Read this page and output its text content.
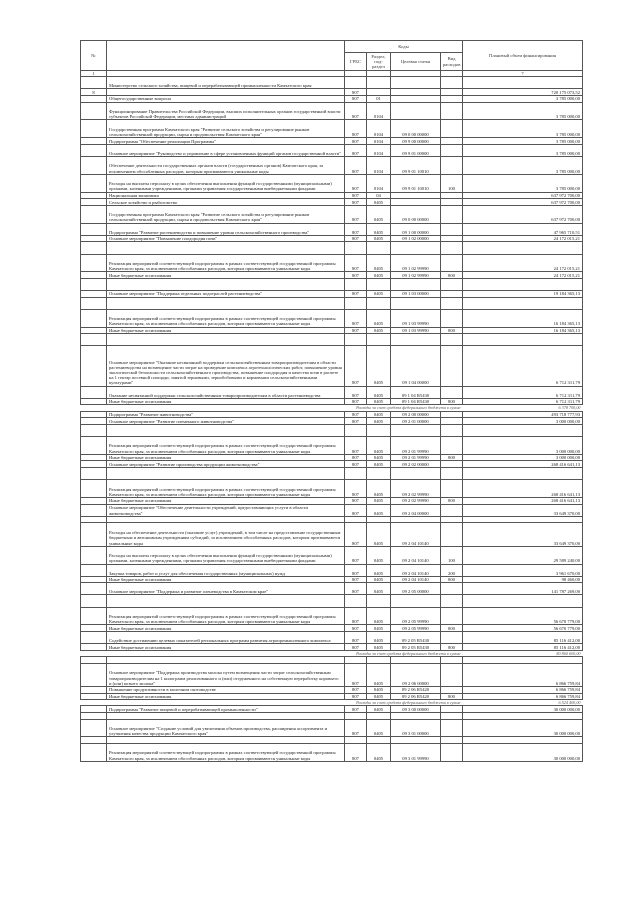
№		Коды				Плановый объем финансирования
		ГРБС	Раздел, под-раздел	Целевая статья	Вид расходов	
1						7
	Министерство сельского хозяйства, пищевой и перерабатывающей промышленности Камчатского края					
8		807				720 175 073,52
	Общегосударственные вопросы	807	01			3 785 000,00
	Функционирование Правительства Российской Федерации, высших исполнительных органов государственной власти субъектов Российской Федерации, местных администраций	807	0104			3 785 000,00
	Государственная программа Камчатского края "Развитие сельского хозяйства и регулирование рынков сельскохозяйственной продукции, сырья и продовольствия Камчатского края"	807	0104	09 0 00 00000		3 785 000,00
	Подпрограмма "Обеспечение реализации Программы"	807	0104	09 9 00 00000		3 785 000,00
	Основное мероприятие "Руководство и управление в сфере установленных функций органов государственной власти"	807	0104	09 9 01 00000		3 785 000,00
	Обеспечение деятельности государственных органов власти (государственных органов) Камчатского края, за исключением обособленных расходов, которым присваиваются уникальные коды	807	0104	09 9 01 10010		3 785 000,00
	Расходы на выплаты персоналу в целях обеспечения выполнения функций государственными (муниципальными) органами, казенными учреждениями, органами управления государственными внебюджетными фондами	807	0104	09 9 01 10010	100	3 785 000,00
	Национальная экономика	807	04			637 972 700,00
	Сельское хозяйство и рыболовство	807	0405			637 972 700,00
	Государственная программа Камчатского края "Развитие сельского хозяйства и регулирование рынков сельскохозяйственной продукции, сырья и продовольствия Камчатского края"	807	0405	09 0 00 00000		637 972 700,00
	Подпрограмма "Развитие растениеводства и повышение уровня сельскохозяйственного производства"	807	0405	09 1 00 00000		47 965 710,51
	Основное мероприятие "Повышение плодородия почв"	807	0405	09 1 02 00000		24 172 015,21

	Реализация мероприятий соответствующей подпрограммы в рамках соответствующей государственной программы Камчатского края, за исключением обособленных расходов, которым присваиваются уникальные коды	807	0405	09 1 02 99990		24 172 015,21
	Иные бюджетные ассигнования	807	0405	09 1 02 99990	800	24 172 015,21

	Основное мероприятие "Поддержка отдельных подотраслей растениеводства"	807	0405	09 1 03 00000		19 184 365,13

	Реализация мероприятий соответствующей подпрограммы в рамках соответствующей государственной программы Камчатского края, за исключением обособленных расходов, которым присваиваются уникальные коды	807	0405	09 1 03 99990		16 184 365,13
	Иные бюджетные ассигнования	807	0405	09 1 03 99990	800	16 184 365,13

	Основное мероприятие "Оказание несвязанной поддержки сельскохозяйственным товаропроизводителям в области растениеводства на возмещение части затрат на проведение комплекса агротехнологических работ, повышение уровня экологической безопасности сельскохозяйственного производства, повышение плодородия и качества почв в расчете на 1 гектар посевной площади, занятой зерновыми, зернобобовыми и кормовыми сельскохозяйственными культурами"	807	0405	09 1 04 00000		6 712 311,79
	Оказание несвязанной поддержки сельскохозяйственным товаропроизводителям в области растениеводства	807	0405	09 1 04 R5430		6 712 311,79
	Иные бюджетные ассигнования	807	0405	09 1 04 R5430	800	6 712 311,79
Расходы за счет средств федерального бюджета в сумме						6 378 700,00
	Подпрограмма "Развитие животноводства"	807	0405	09 2 00 00000		493 718 777,93
	Основное мероприятие "Развитие племенного животноводства"	807	0405	09 2 01 00000		3 000 000,00

	Реализация мероприятий соответствующей подпрограммы в рамках соответствующей государственной программы Камчатского края, за исключением обособленных расходов, которым присваиваются уникальные коды	807	0405	09 2 01 99990		3 000 000,00
	Иные бюджетные ассигнования	807	0405	09 2 01 99990	800	3 000 000,00
	Основное мероприятие "Развитие производства продукции животноводства"	807	0405	09 2 02 00000		268 416 641,13

	Реализация мероприятий соответствующей подпрограммы в рамках соответствующей государственной программы Камчатского края, за исключением обособленных расходов, которым присваиваются уникальные коды	807	0405	09 2 02 99990		268 416 641,13
	Иные бюджетные ассигнования	807	0405	09 2 02 99990	800	268 416 641,13
	Основное мероприятие "Обеспечение деятельности учреждений, предоставляющих услуги в области животноводства"	807	0405	09 2 04 00000		33 649 370,00

	Расходы на обеспечение деятельности (оказание услуг) учреждений, в том числе на предоставление государственным бюджетным и автономным учреждениям субсидий, за исключением обособленных расходов, которым присваиваются уникальные коды	807	0405	09 2 04 10140		33 649 370,00
	Расходы на выплаты персоналу в целях обеспечения выполнения функций государственными (муниципальными) органами, казенными учреждениями, органами управления государственными внебюджетными фондами	807	0405	09 2 04 10140	100	29 589 240,00
	Закупка товаров, работ и услуг для обеспечения государственных (муниципальных) нужд	807	0405	09 2 04 10140	200	3 961 670,00
	Иные бюджетные ассигнования	807	0405	09 2 04 10140	800	98 460,00
	Основное мероприятие "Поддержка и развитие оленеводства в Камчатском крае"	807	0405	09 2 05 00000		141 787 269,00

	Реализация мероприятий соответствующей подпрограммы в рамках соответствующей государственной программы Камчатского края, за исключением обособленных расходов, которым присваиваются уникальные коды	807	0405	09 2 05 99990		56 670 779,00
	Иные бюджетные ассигнования	807	0405	09 2 05 99990	800	56 670 779,00
	Содействие достижению целевых показателей региональных программ развития агропромышленного комплекса	807	0405	09 2 05 R5430		85 116 412,00
	Иные бюджетные ассигнования	807	0405	09 2 05 R5430	800	85 116 412,00
Расходы за счет средств федерального бюджета в сумме						80 860 600,00

	Основное мероприятие "Поддержка производства молока путем возмещения части затрат сельскохозяйственным товаропроизводителям на 1 килограмм реализованного и (или) отгруженного на собственную переработку коровьего и (или) козьего молока"	807	0405	09 2 06 00000		6 866 759,84
	Повышение продуктивности в молочном скотоводстве	807	0405	09 2 06 R5420		6 866 759,84
	Иные бюджетные ассигнования	807	0405	09 2 06 R5420	800	6 866 759,84
Расходы за счет средств федерального бюджета в сумме						6 524 400,00
	Подпрограмма "Развитие пищевой и перерабатывающей промышленности"	807	0405	09 3 00 00000		30 000 000,00

	Основное мероприятие "Создание условий для увеличения объемов производства, расширения ассортимента и улучшения качества продукции Камчатского края"	807	0405	09 3 01 00000		30 000 000,00

	Реализация мероприятий соответствующей подпрограммы в рамках соответствующей государственной программы Камчатского края, за исключением обособленных расходов, которым присваиваются уникальные коды	807	0405	09 3 01 99990		30 000 000,00
